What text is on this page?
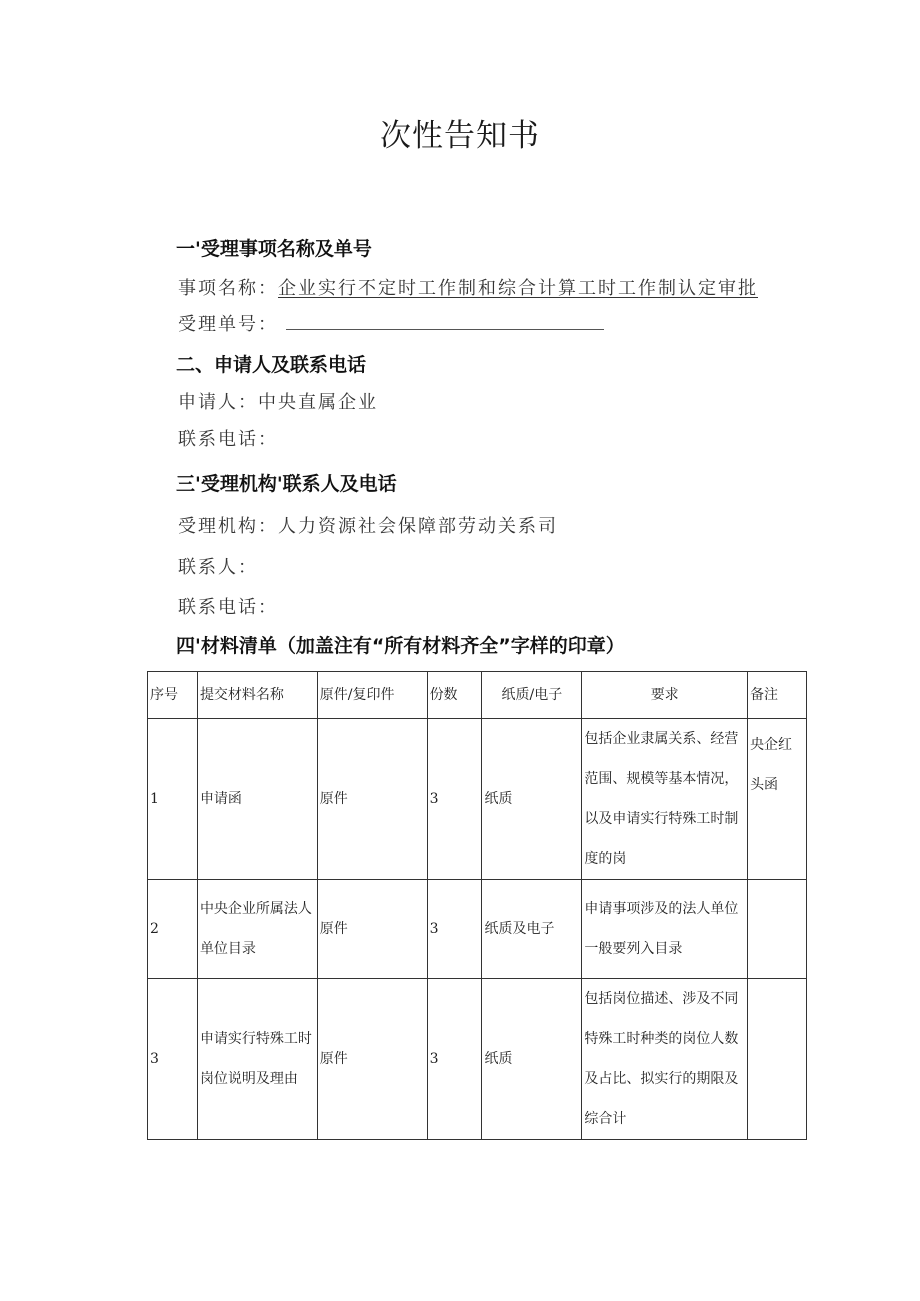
次性告知书
一'受理事项名称及单号
事项名称：企业实行不定时工作制和综合计算工时工作制认定审批
受理单号：
二、申请人及联系电话
申请人：中央直属企业
联系电话：
三'受理机构'联系人及电话
受理机构：人力资源社会保障部劳动关系司
联系人：
联系电话：
四'材料清单（加盖注有“所有材料齐全”字样的印章）
序号	提交材料名称	原件/复印件	份数	纸质/电子	要求	备注
1	申请函	原件	3	纸质	包括企业隶属关系、经营范围、规模等基本情况，以及申请实行特殊工时制度的岗	央企红头函

2	中央企业所属法人单位目录	原件	3	纸质及电子	申请事项涉及的法人单位一般要列入目录	
3	申请实行特殊工时岗位说明及理由	原件	3	纸质	包括岗位描述、涉及不同特殊工时种类的岗位人数及占比、拟实行的期限及综合计	
